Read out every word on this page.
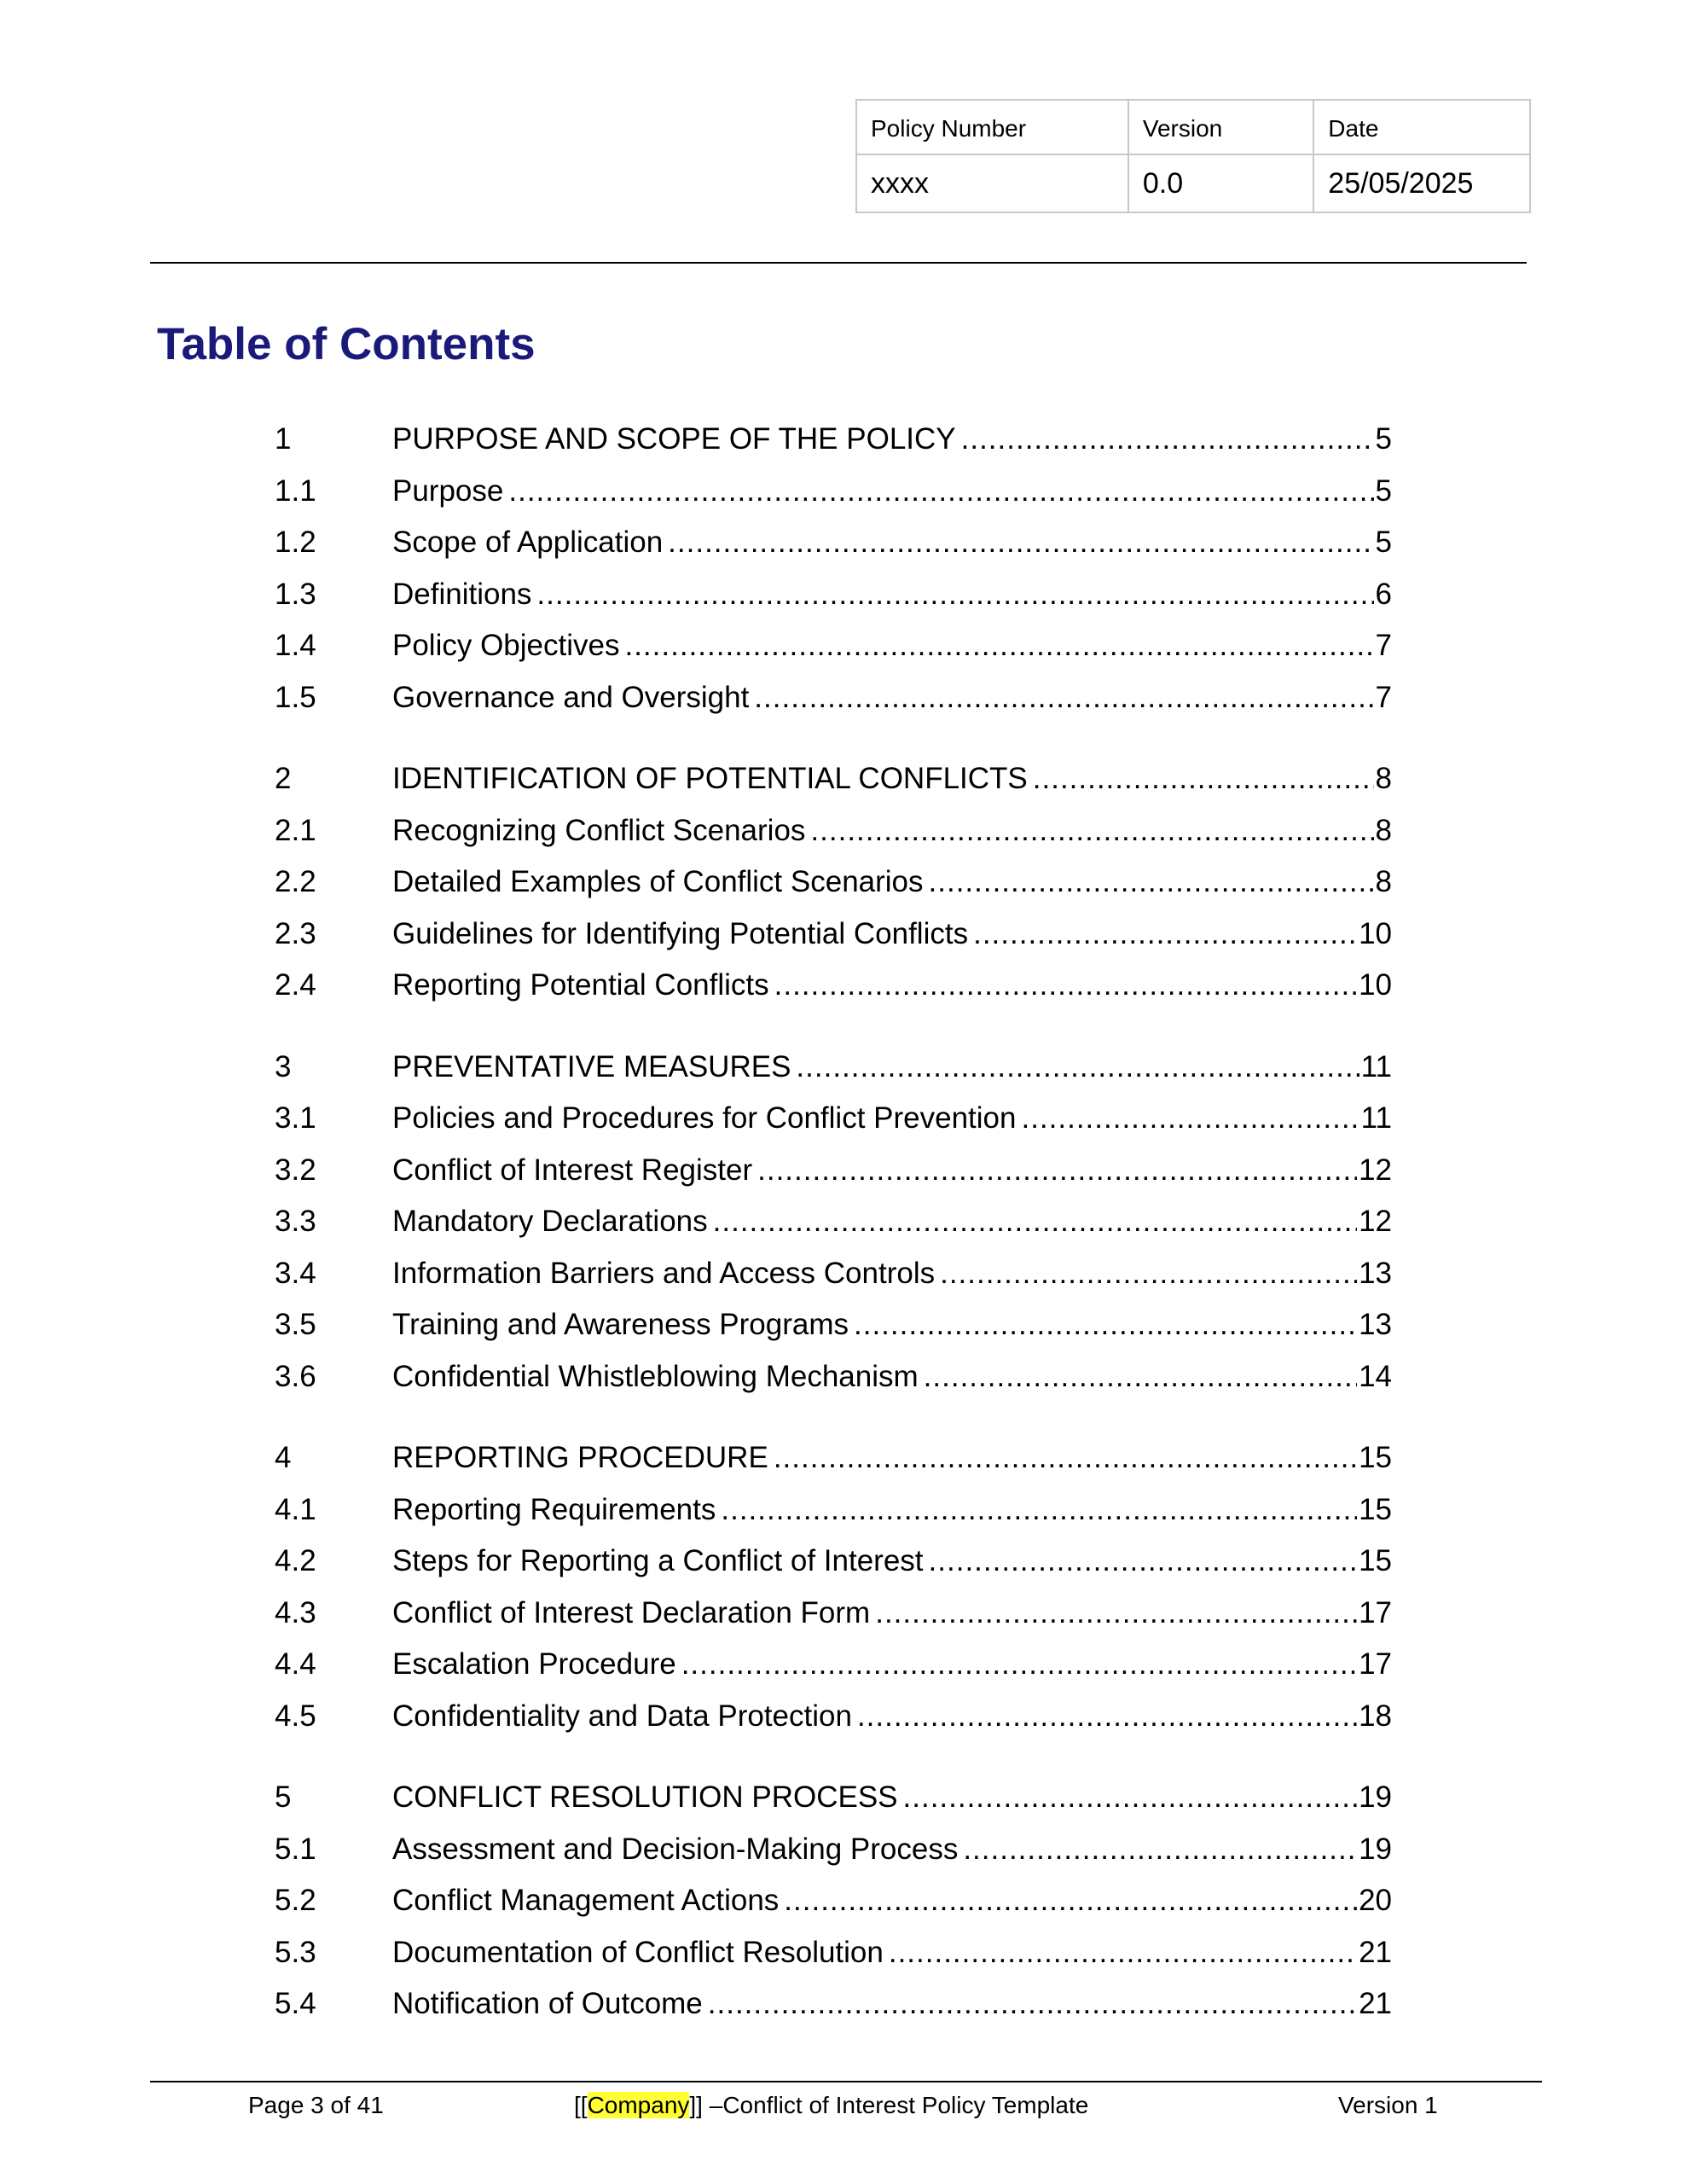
Policy Number	Version	Date
xxxx	0.0	25/05/2025
Table of Contents
1	PURPOSE AND SCOPE OF THE POLICY .....	5
1.1	Purpose .....	5
1.2	Scope of Application .....	5
1.3	Definitions .....	6
1.4	Policy Objectives .....	7
1.5	Governance and Oversight .....	7
2	IDENTIFICATION OF POTENTIAL CONFLICTS .....	8
2.1	Recognizing Conflict Scenarios .....	8
2.2	Detailed Examples of Conflict Scenarios .....	8
2.3	Guidelines for Identifying Potential Conflicts .....	10
2.4	Reporting Potential Conflicts .....	10
3	PREVENTATIVE MEASURES .....	11
3.1	Policies and Procedures for Conflict Prevention .....	11
3.2	Conflict of Interest Register .....	12
3.3	Mandatory Declarations .....	12
3.4	Information Barriers and Access Controls .....	13
3.5	Training and Awareness Programs .....	13
3.6	Confidential Whistleblowing Mechanism .....	14
4	REPORTING PROCEDURE .....	15
4.1	Reporting Requirements .....	15
4.2	Steps for Reporting a Conflict of Interest .....	15
4.3	Conflict of Interest Declaration Form .....	17
4.4	Escalation Procedure .....	17
4.5	Confidentiality and Data Protection .....	18
5	CONFLICT RESOLUTION PROCESS .....	19
5.1	Assessment and Decision-Making Process .....	19
5.2	Conflict Management Actions .....	20
5.3	Documentation of Conflict Resolution .....	21
5.4	Notification of Outcome .....	21
Page 3 of 41	[[Company]] –Conflict of Interest Policy Template	Version 1
